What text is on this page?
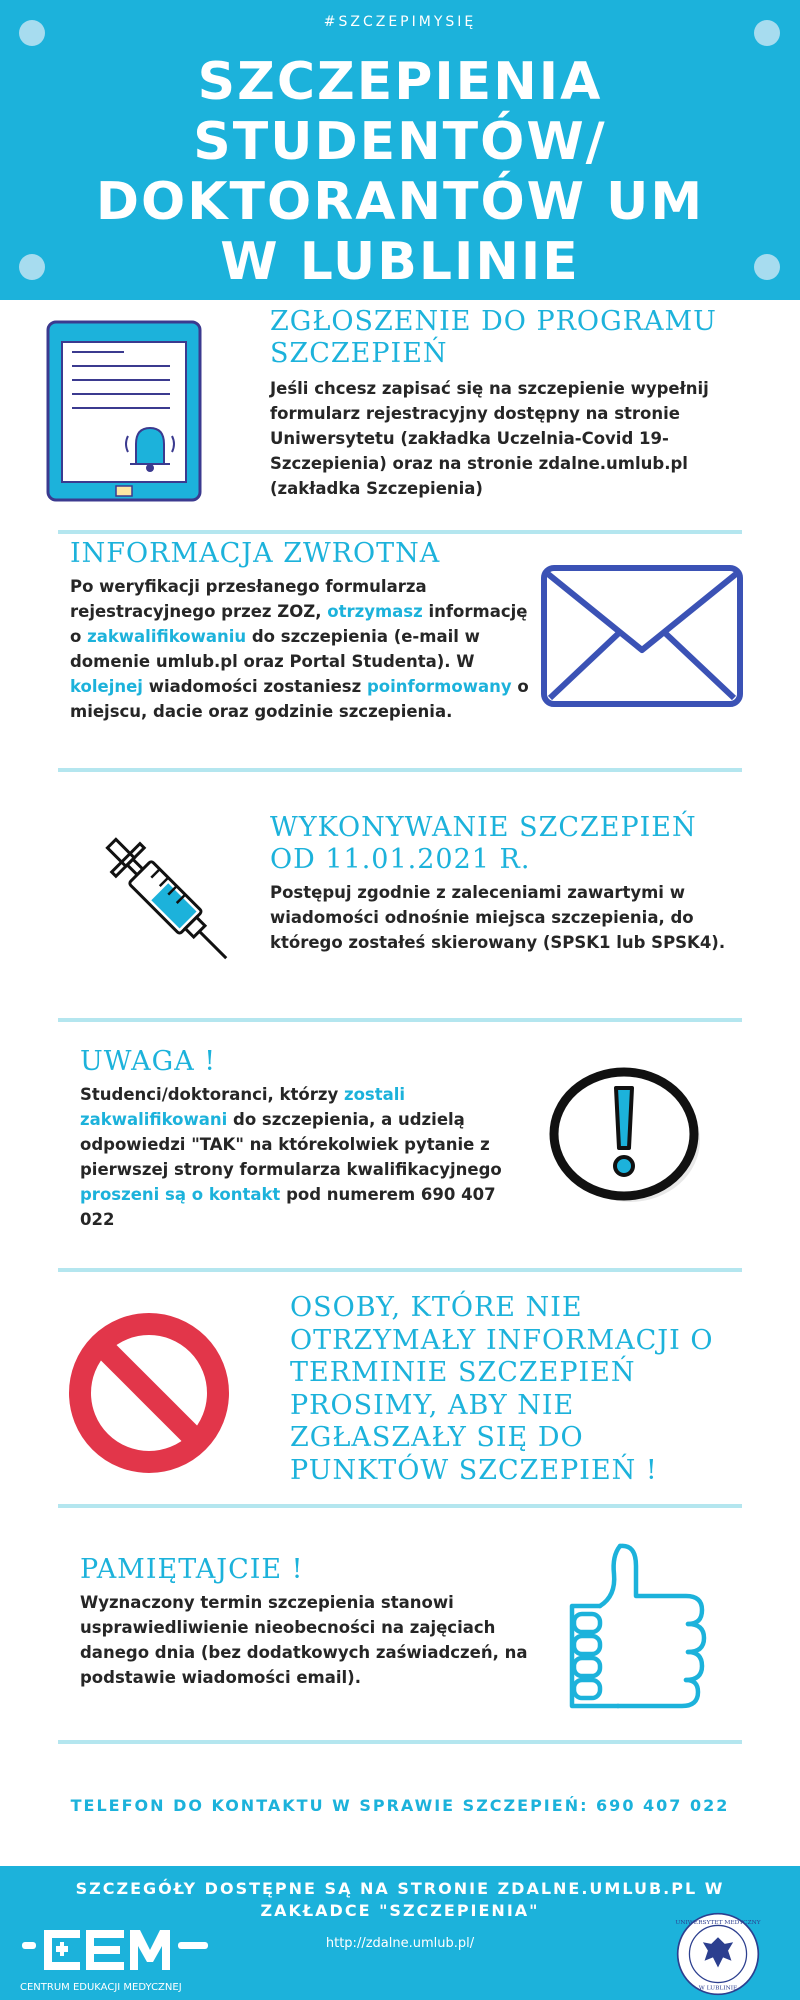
#SZCZEPIMYSIĘ
SZCZEPIENIA
STUDENTÓW/
DOKTORANTÓW UM
W LUBLINIE
ZGŁOSZENIE DO PROGRAMU SZCZEPIEŃ
Jeśli chcesz zapisać się na szczepienie wypełnij formularz rejestracyjny dostępny na stronie Uniwersytetu (zakładka Uczelnia-Covid 19-Szczepienia) oraz na stronie zdalne.umlub.pl (zakładka Szczepienia)
INFORMACJA ZWROTNA
Po weryfikacji przesłanego formularza rejestracyjnego przez ZOZ, otrzymasz informację o zakwalifikowaniu do szczepienia (e-mail w domenie umlub.pl oraz Portal Studenta). W kolejnej wiadomości zostaniesz poinformowany o miejscu, dacie oraz godzinie szczepienia.
WYKONYWANIE SZCZEPIEŃ OD 11.01.2021 R.
Postępuj zgodnie z zaleceniami zawartymi w wiadomości odnośnie miejsca szczepienia, do którego zostałeś skierowany (SPSK1 lub SPSK4).
UWAGA !
Studenci/doktoranci, którzy zostali zakwalifikowani do szczepienia, a udzielą odpowiedzi "TAK" na którekolwiek pytanie z pierwszej strony formularza kwalifikacyjnego proszeni są o kontakt pod numerem 690 407 022
OSOBY, KTÓRE NIE OTRZYMAŁY INFORMACJI O TERMINIE SZCZEPIEŃ PROSIMY, ABY NIE ZGŁASZAŁY SIĘ DO PUNKTÓW SZCZEPIEŃ !
PAMIĘTAJCIE !
Wyznaczony termin szczepienia stanowi usprawiedliwienie nieobecności na zajęciach danego dnia (bez dodatkowych zaświadczeń, na podstawie wiadomości email).
TELEFON DO KONTAKTU W SPRAWIE SZCZEPIEŃ: 690 407 022
SZCZEGÓŁY DOSTĘPNE SĄ NA STRONIE ZDALNE.UMLUB.PL W ZAKŁADCE "SZCZEPIENIA"
http://zdalne.umlub.pl/
CENTRUM EDUKACJI MEDYCZNEJ
UNIWERSYTET MEDYCZNY
W LUBLINIE
